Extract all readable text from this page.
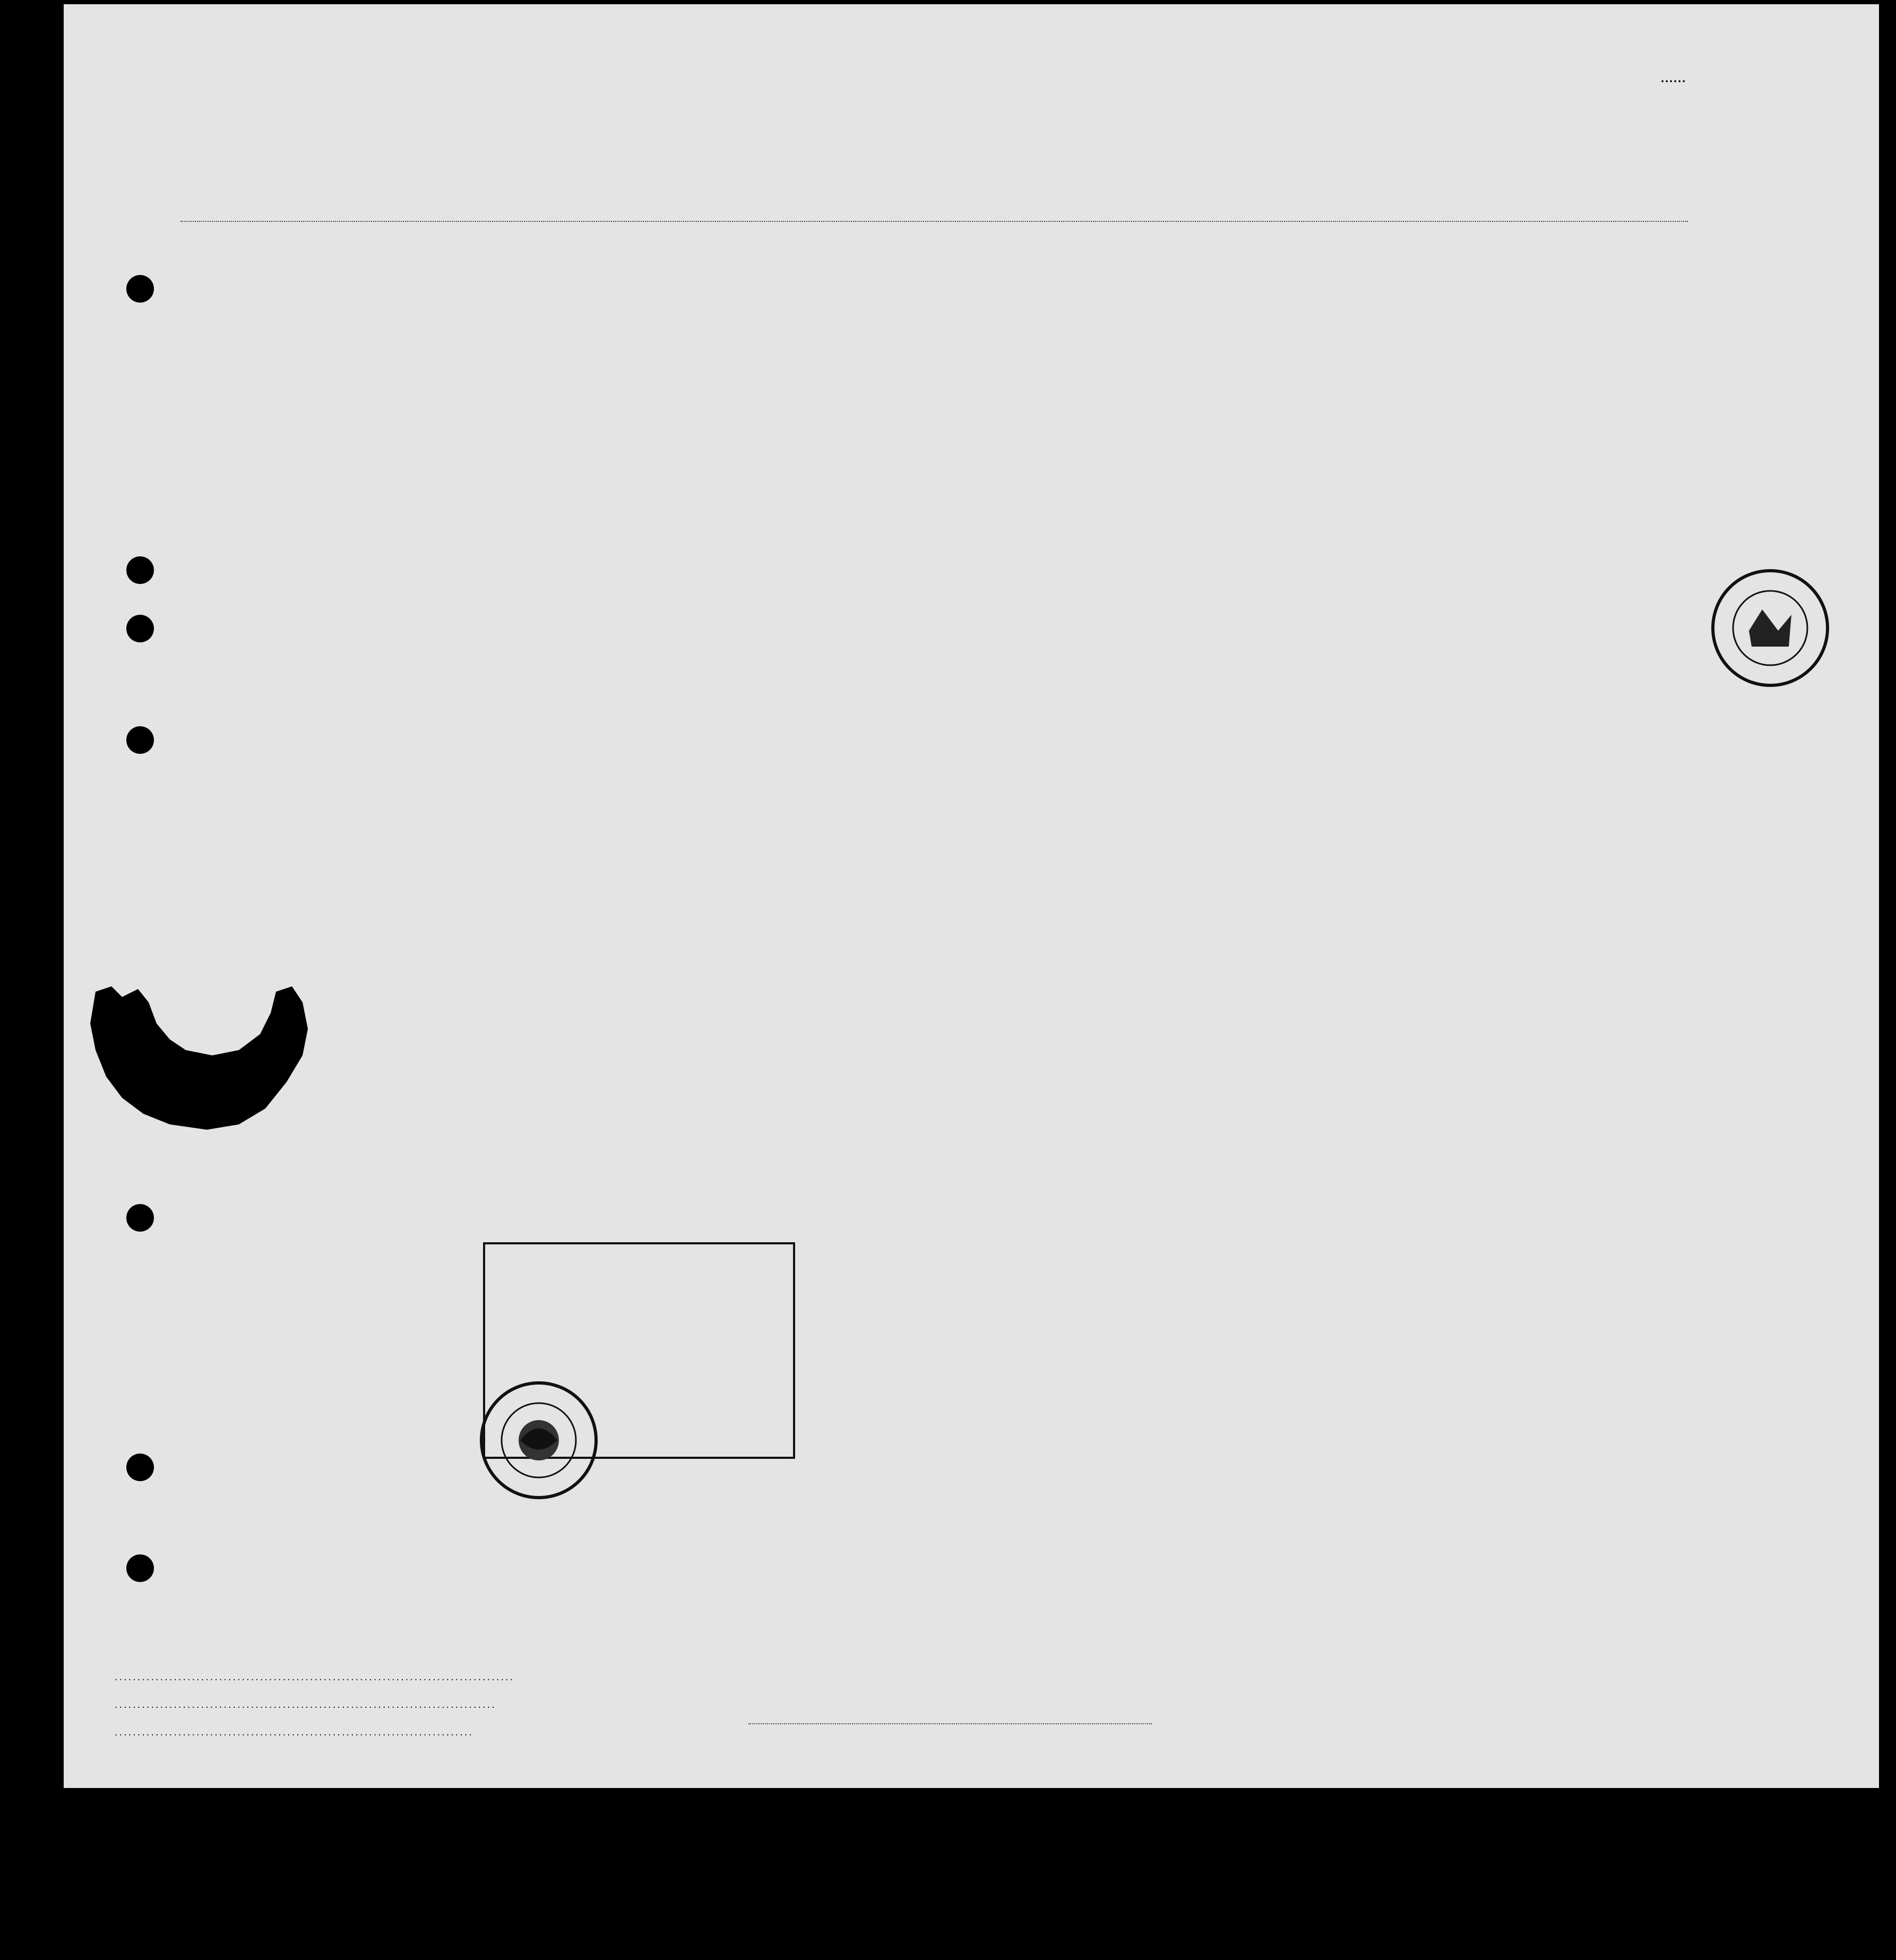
......
........................................................................................
....................................................................................
...............................................................................
